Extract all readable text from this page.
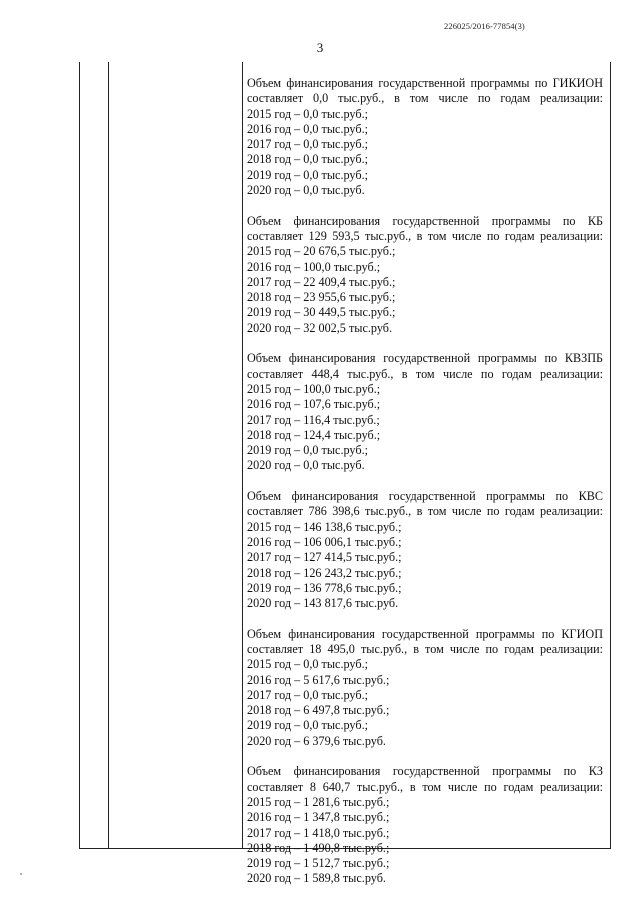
226025/2016-77854(3)
3
Объем финансирования государственной программы по ГИКИОН
составляет 0,0 тыс.руб., в том числе по годам реализации:
2015 год – 0,0 тыс.руб.;
2016 год – 0,0 тыс.руб.;
2017 год – 0,0 тыс.руб.;
2018 год – 0,0 тыс.руб.;
2019 год – 0,0 тыс.руб.;
2020 год – 0,0 тыс.руб.
Объем финансирования государственной программы по КБ
составляет 129 593,5 тыс.руб., в том числе по годам реализации:
2015 год – 20 676,5 тыс.руб.;
2016 год – 100,0 тыс.руб.;
2017 год – 22 409,4 тыс.руб.;
2018 год – 23 955,6 тыс.руб.;
2019 год – 30 449,5 тыс.руб.;
2020 год – 32 002,5 тыс.руб.
Объем финансирования государственной программы по КВЗПБ
составляет 448,4 тыс.руб., в том числе по годам реализации:
2015 год – 100,0 тыс.руб.;
2016 год – 107,6 тыс.руб.;
2017 год – 116,4 тыс.руб.;
2018 год – 124,4 тыс.руб.;
2019 год – 0,0 тыс.руб.;
2020 год – 0,0 тыс.руб.
Объем финансирования государственной программы по КВС
составляет 786 398,6 тыс.руб., в том числе по годам реализации:
2015 год – 146 138,6 тыс.руб.;
2016 год – 106 006,1 тыс.руб.;
2017 год – 127 414,5 тыс.руб.;
2018 год – 126 243,2 тыс.руб.;
2019 год – 136 778,6 тыс.руб.;
2020 год – 143 817,6 тыс.руб.
Объем финансирования государственной программы по КГИОП
составляет 18 495,0 тыс.руб., в том числе по годам реализации:
2015 год – 0,0 тыс.руб.;
2016 год – 5 617,6 тыс.руб.;
2017 год – 0,0 тыс.руб.;
2018 год – 6 497,8 тыс.руб.;
2019 год – 0,0 тыс.руб.;
2020 год – 6 379,6 тыс.руб.
Объем финансирования государственной программы по КЗ
составляет 8 640,7 тыс.руб., в том числе по годам реализации:
2015 год – 1 281,6 тыс.руб.;
2016 год – 1 347,8 тыс.руб.;
2017 год – 1 418,0 тыс.руб.;
2018 год – 1 490,8 тыс.руб.;
2019 год – 1 512,7 тыс.руб.;
2020 год – 1 589,8 тыс.руб.
